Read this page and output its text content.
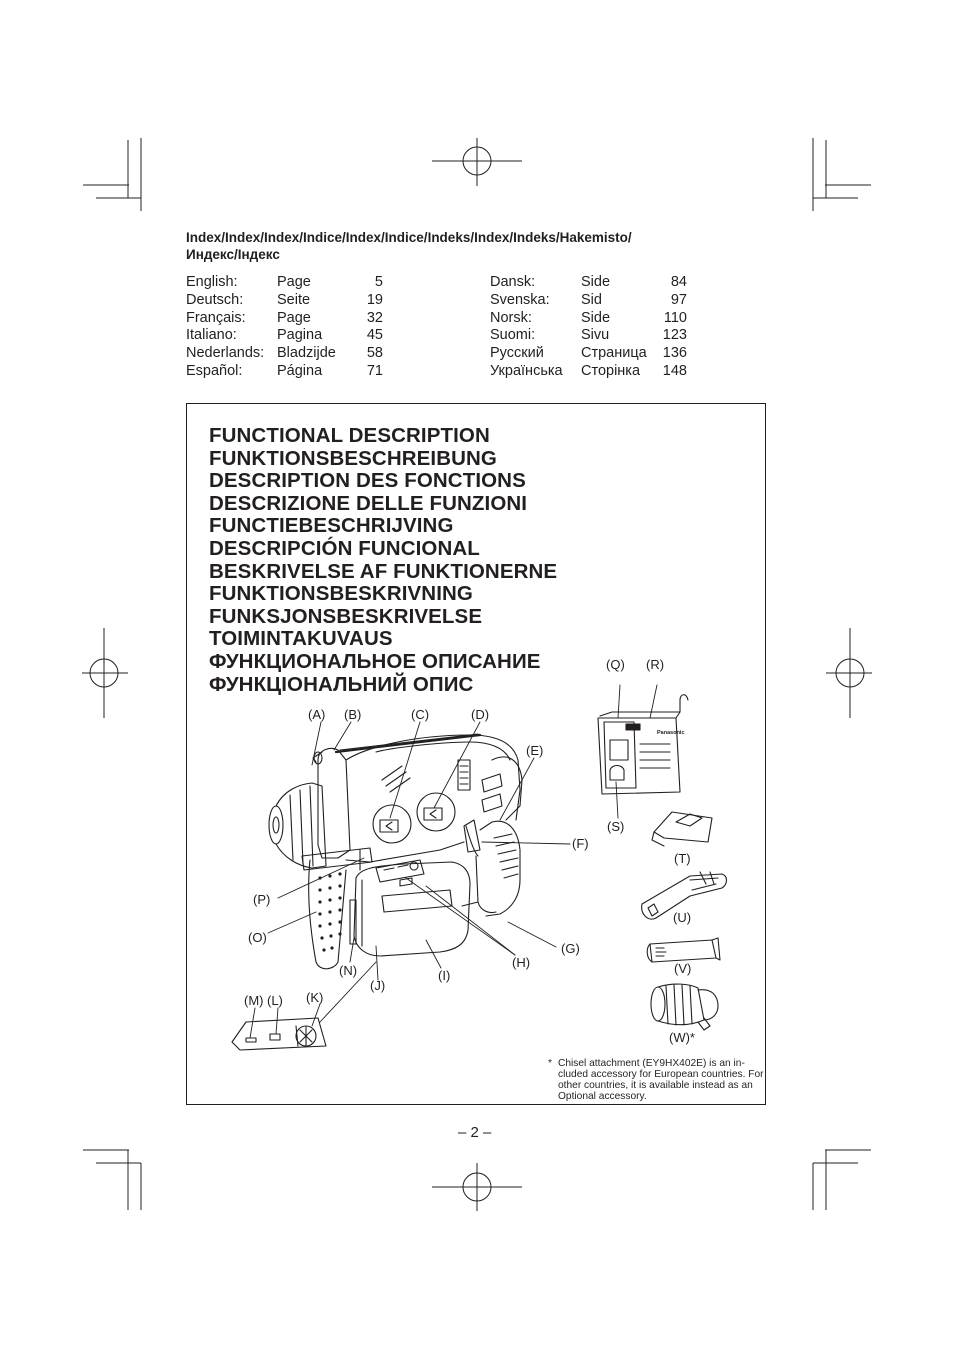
Index/Index/Index/Indice/Index/Indice/Indeks/Index/Indeks/Hakemisto/
Индекс/Індекс
English:	Page	5
Deutsch: Seite	19
Français: Page	32
Italiano:	Pagina	45
Nederlands: Bladzijde	58
Español: Página	71
Dansk:	Side	84
Svenska: Sid	97
Norsk:	Side	110
Suomi:	Sivu	123
Русский	Страница	136
Українська Сторінка	148
FUNCTIONAL DESCRIPTION
FUNKTIONSBESCHREIBUNG
DESCRIPTION DES FONCTIONS
DESCRIZIONE DELLE FUNZIONI
FUNCTIEBESCHRIJVING
DESCRIPCIÓN FUNCIONAL
BESKRIVELSE AF FUNKTIONERNE
FUNKTIONSBESKRIVNING
FUNKSJONSBESKRIVELSE
TOIMINTAKUVAUS
ФУНКЦИОНАЛЬНОЕ ОПИСАНИЕ
ФУНКЦІОНАЛЬНИЙ ОПИС
Panasonic
(A) (B)	(C)	(D)
(E)
(F)
(G)
(H)
(I)
(J)
(K)
(L)
(M)
(N)
(O)
(P)
(Q) (R)
(S)
(T)
(U)
(V)
(W)*
* Chisel attachment (EY9HX402E) is an in-cluded accessory for European countries. For other countries, it is available instead as an Optional accessory.
– 2 –
